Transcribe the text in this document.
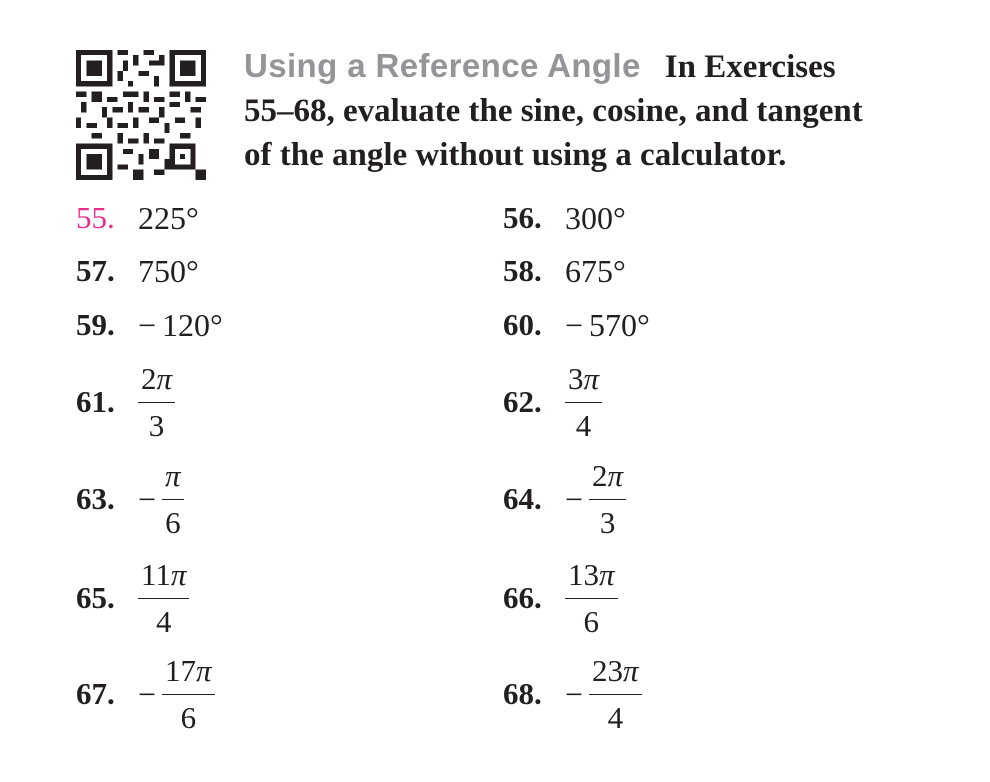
Using a Reference Angle In Exercises
55–68, evaluate the sine, cosine, and tangent
of the angle without using a calculator.
55. 225°	56. 300°
57. 750°	58. 675°
59. − 120°	60. − 570°
61. $\frac{2\pi}{3}$	62. $\frac{3\pi}{4}$
63. − $\frac{\pi}{6}$	64. − $\frac{2\pi}{3}$
65. $\frac{11\pi}{4}$	66. $\frac{13\pi}{6}$
67. − $\frac{17\pi}{6}$	68. − $\frac{23\pi}{4}$
